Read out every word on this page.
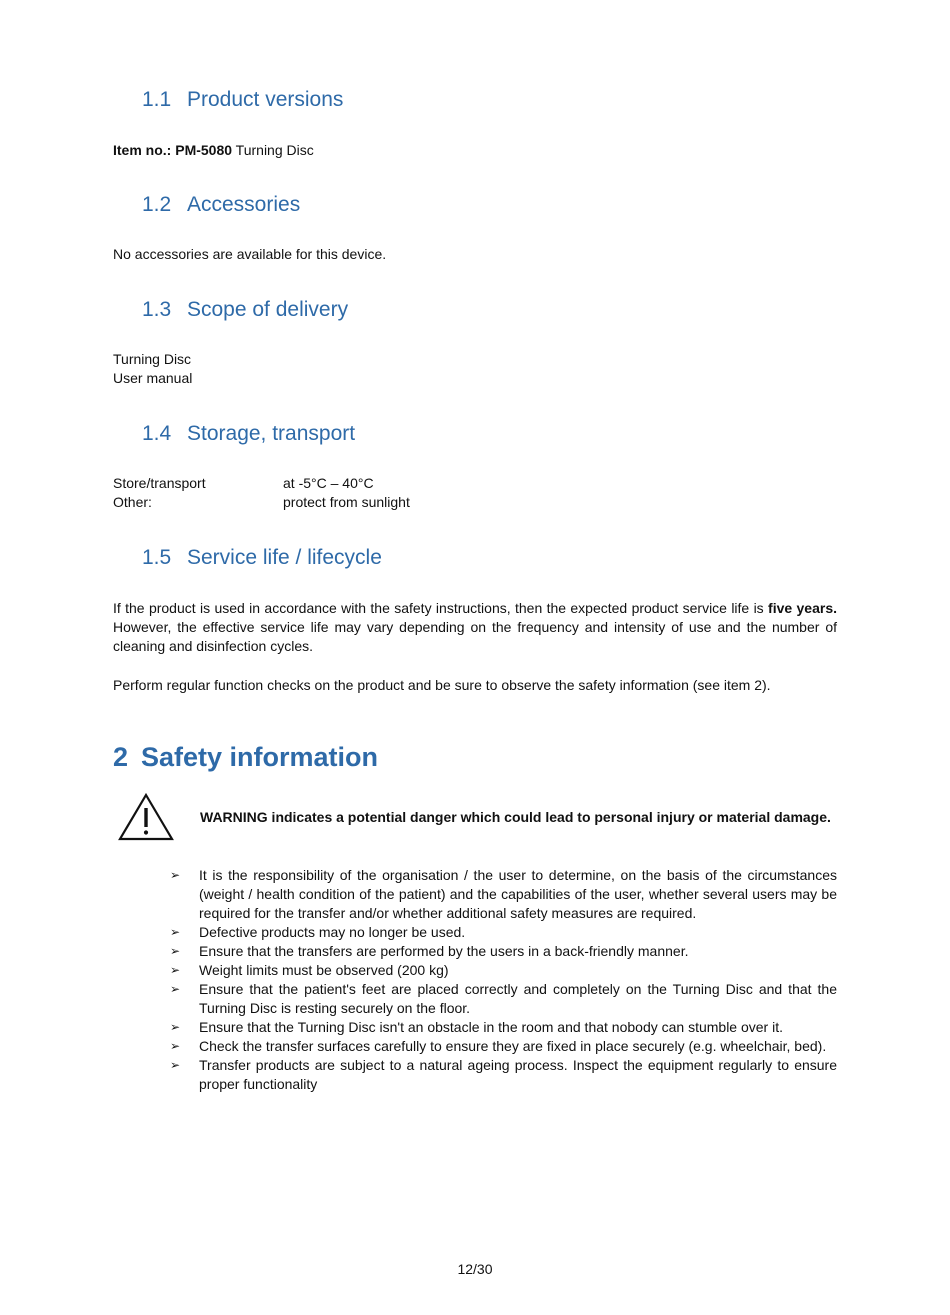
1.1 Product versions
Item no.: PM-5080 Turning Disc
1.2 Accessories
No accessories are available for this device.
1.3 Scope of delivery
Turning Disc
User manual
1.4 Storage, transport
Store/transport	at -5°C – 40°C
Other:	protect from sunlight
1.5 Service life / lifecycle
If the product is used in accordance with the safety instructions, then the expected product service life is five years. However, the effective service life may vary depending on the frequency and intensity of use and the number of cleaning and disinfection cycles.
Perform regular function checks on the product and be sure to observe the safety information (see item 2).
2 Safety information
WARNING indicates a potential danger which could lead to personal injury or material damage.
➢ It is the responsibility of the organisation / the user to determine, on the basis of the circumstances (weight / health condition of the patient) and the capabilities of the user, whether several users may be required for the transfer and/or whether additional safety measures are required.
➢ Defective products may no longer be used.
➢ Ensure that the transfers are performed by the users in a back-friendly manner.
➢ Weight limits must be observed (200 kg)
➢ Ensure that the patient's feet are placed correctly and completely on the Turning Disc and that the Turning Disc is resting securely on the floor.
➢ Ensure that the Turning Disc isn't an obstacle in the room and that nobody can stumble over it.
➢ Check the transfer surfaces carefully to ensure they are fixed in place securely (e.g. wheelchair, bed).
➢ Transfer products are subject to a natural ageing process. Inspect the equipment regularly to ensure proper functionality
12/30
